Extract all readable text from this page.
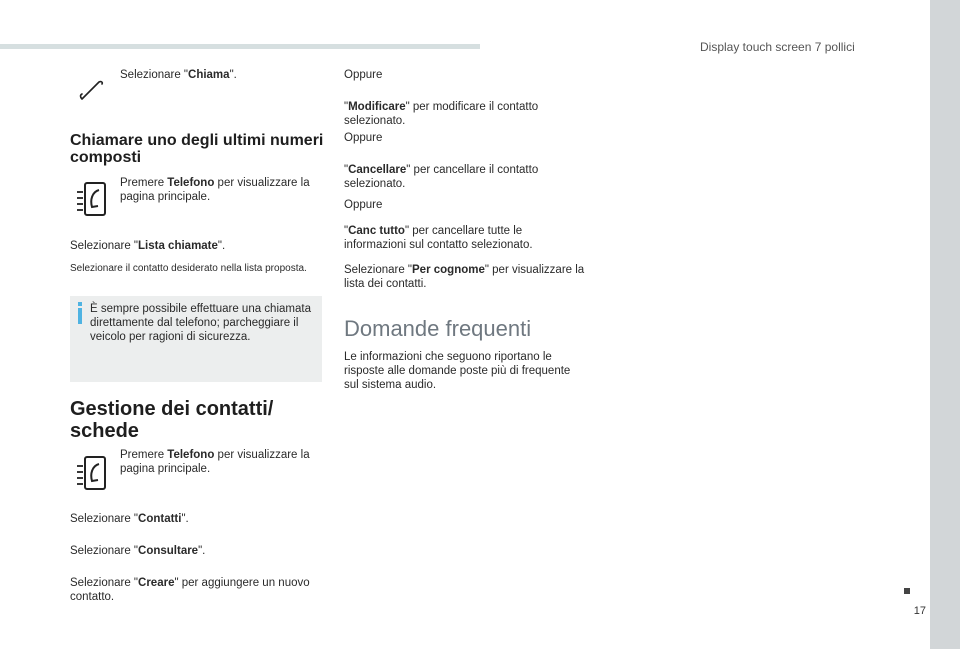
Display touch screen 7 pollici
17
Selezionare "Chiama".
Chiamare uno degli ultimi numeri composti
Premere Telefono per visualizzare la pagina principale.
Selezionare "Lista chiamate".
Selezionare il contatto desiderato nella lista proposta.
È sempre possibile effettuare una chiamata direttamente dal telefono; parcheggiare il veicolo per ragioni di sicurezza.
Gestione dei contatti/ schede
Premere Telefono per visualizzare la pagina principale.
Selezionare "Contatti".
Selezionare "Consultare".
Selezionare "Creare" per aggiungere un nuovo contatto.
Oppure
"Modificare" per modificare il contatto selezionato.
Oppure
"Cancellare" per cancellare il contatto selezionato.
Oppure
"Canc tutto" per cancellare tutte le informazioni sul contatto selezionato.
Selezionare "Per cognome" per visualizzare la lista dei contatti.
Domande frequenti
Le informazioni che seguono riportano le risposte alle domande poste più di frequente sul sistema audio.
